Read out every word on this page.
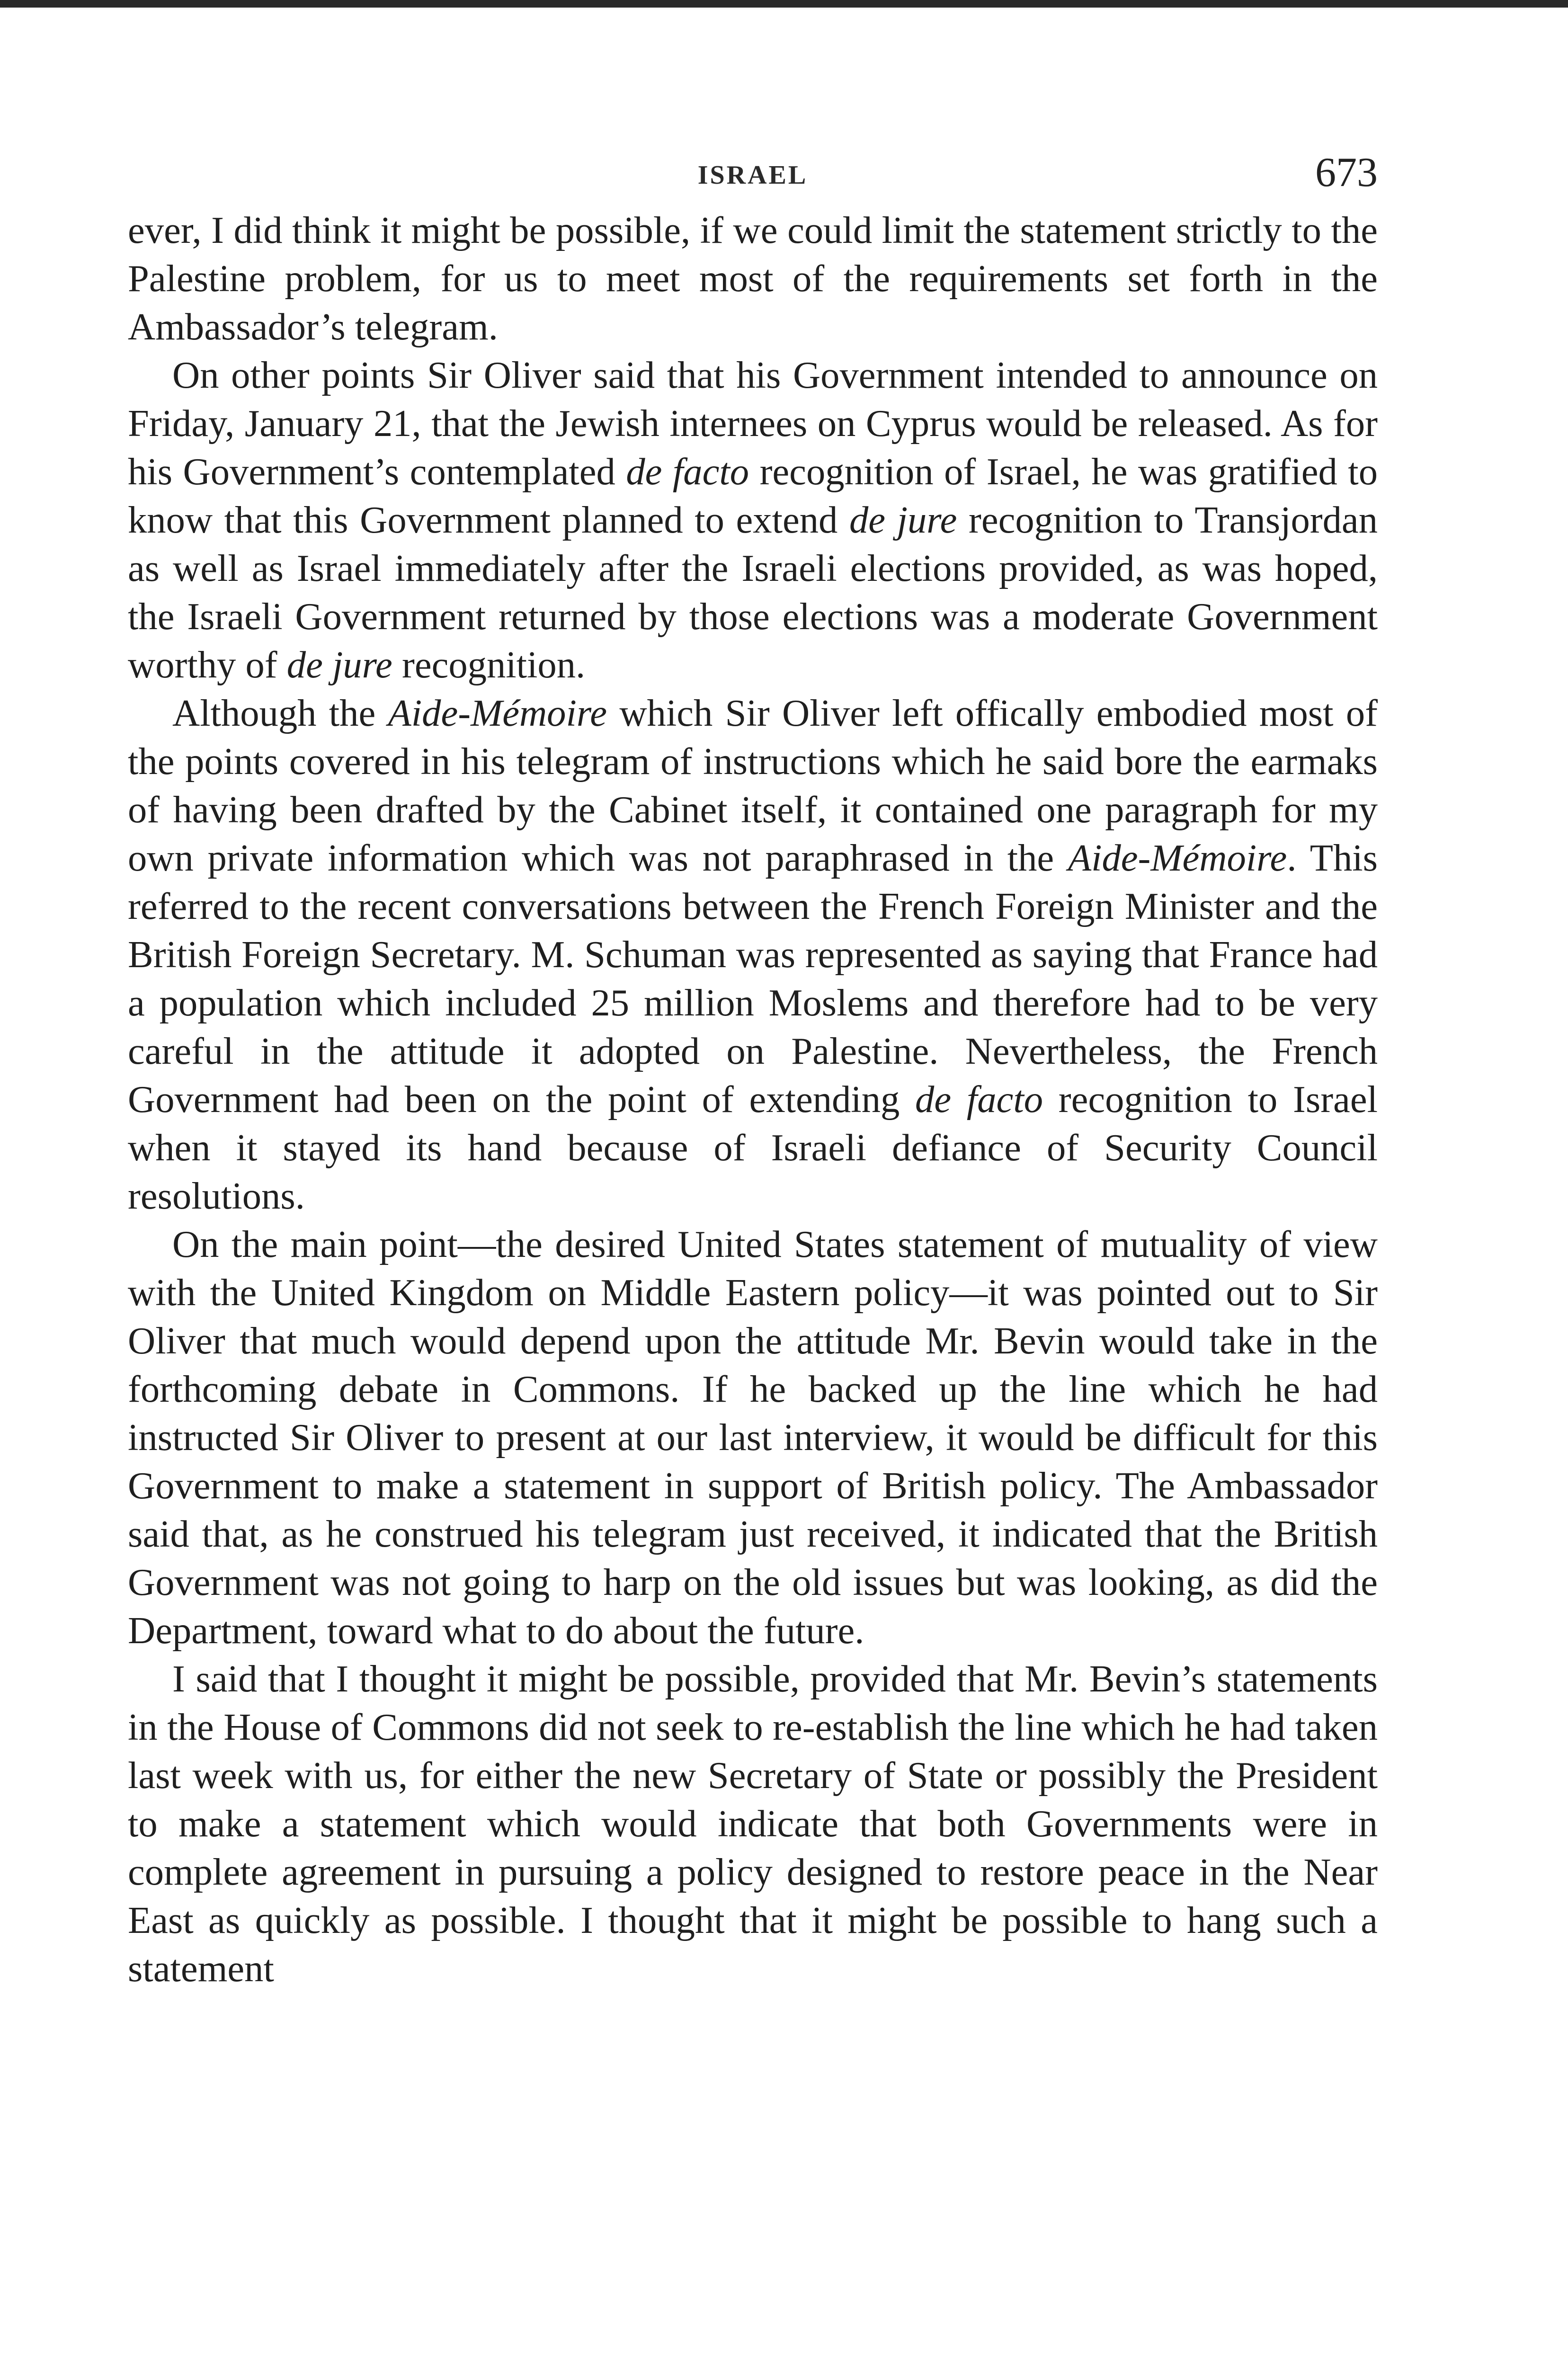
ISRAEL	673

ever, I did think it might be possible, if we could limit the statement strictly to the Palestine problem, for us to meet most of the requirements set forth in the Ambassador’s telegram.

On other points Sir Oliver said that his Government intended to announce on Friday, January 21, that the Jewish internees on Cyprus would be released. As for his Government’s contemplated de facto recognition of Israel, he was gratified to know that this Government planned to extend de jure recognition to Transjordan as well as Israel immediately after the Israeli elections provided, as was hoped, the Israeli Government returned by those elections was a moderate Government worthy of de jure recognition.

Although the Aide-Mémoire which Sir Oliver left offically embodied most of the points covered in his telegram of instructions which he said bore the earmaks of having been drafted by the Cabinet itself, it contained one paragraph for my own private information which was not paraphrased in the Aide-Mémoire. This referred to the recent conversations between the French Foreign Minister and the British Foreign Secretary. M. Schuman was represented as saying that France had a population which included 25 million Moslems and therefore had to be very careful in the attitude it adopted on Palestine. Nevertheless, the French Government had been on the point of extending de facto recognition to Israel when it stayed its hand because of Israeli defiance of Security Council resolutions.

On the main point—the desired United States statement of mutuality of view with the United Kingdom on Middle Eastern policy—it was pointed out to Sir Oliver that much would depend upon the attitude Mr. Bevin would take in the forthcoming debate in Commons. If he backed up the line which he had instructed Sir Oliver to present at our last interview, it would be difficult for this Government to make a statement in support of British policy. The Ambassador said that, as he construed his telegram just received, it indicated that the British Government was not going to harp on the old issues but was looking, as did the Department, toward what to do about the future.

I said that I thought it might be possible, provided that Mr. Bevin’s statements in the House of Commons did not seek to re-establish the line which he had taken last week with us, for either the new Secretary of State or possibly the President to make a statement which would indicate that both Governments were in complete agreement in pursuing a policy designed to restore peace in the Near East as quickly as possible. I thought that it might be possible to hang such a statement
